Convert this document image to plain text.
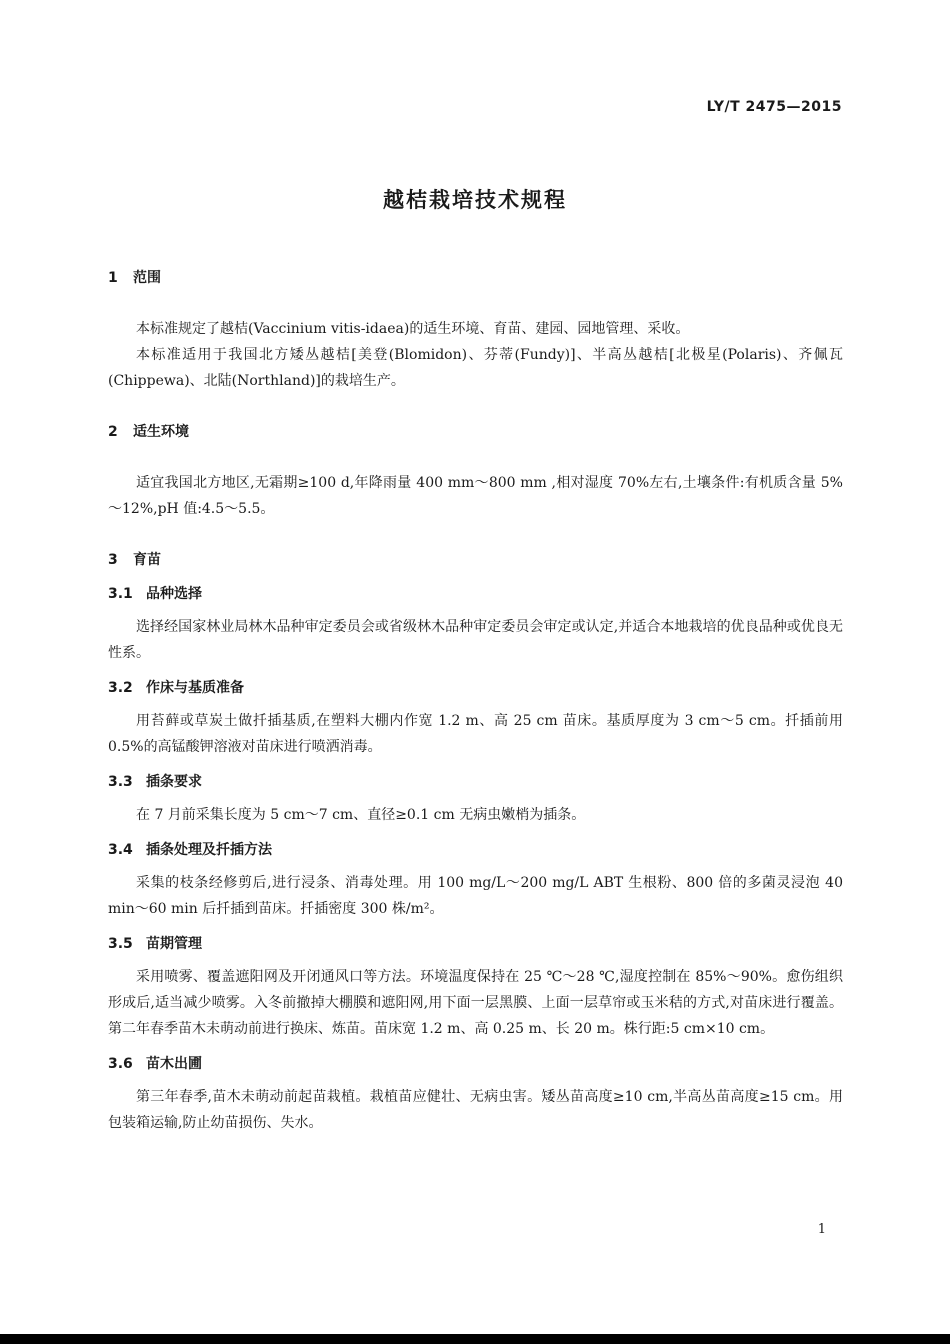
LY/T 2475—2015
越桔栽培技术规程
1 范围

本标准规定了越桔(Vaccinium vitis-idaea)的适生环境、育苗、建园、园地管理、采收。

本标准适用于我国北方矮丛越桔[美登(Blomidon)、芬蒂(Fundy)]、半高丛越桔[北极星(Polaris)、齐佩瓦(Chippewa)、北陆(Northland)]的栽培生产。

2 适生环境

适宜我国北方地区,无霜期≥100 d,年降雨量 400 mm～800 mm ,相对湿度 70%左右,土壤条件:有机质含量 5%～12%,pH 值:4.5～5.5。

3 育苗
3.1 品种选择

选择经国家林业局林木品种审定委员会或省级林木品种审定委员会审定或认定,并适合本地栽培的优良品种或优良无性系。

3.2 作床与基质准备

用苔藓或草炭土做扦插基质,在塑料大棚内作宽 1.2 m、高 25 cm 苗床。基质厚度为 3 cm～5 cm。扦插前用 0.5%的高锰酸钾溶液对苗床进行喷洒消毒。

3.3 插条要求

在 7 月前采集长度为 5 cm～7 cm、直径≥0.1 cm 无病虫嫩梢为插条。

3.4 插条处理及扦插方法

采集的枝条经修剪后,进行浸条、消毒处理。用 100 mg/L～200 mg/L ABT 生根粉、800 倍的多菌灵浸泡 40 min～60 min 后扦插到苗床。扦插密度 300 株/m²。

3.5 苗期管理

采用喷雾、覆盖遮阳网及开闭通风口等方法。环境温度保持在 25 ℃～28 ℃,湿度控制在 85%～90%。愈伤组织形成后,适当减少喷雾。入冬前撤掉大棚膜和遮阳网,用下面一层黑膜、上面一层草帘或玉米秸的方式,对苗床进行覆盖。第二年春季苗木未萌动前进行换床、炼苗。苗床宽 1.2 m、高 0.25 m、长 20 m。株行距:5 cm×10 cm。

3.6 苗木出圃

第三年春季,苗木未萌动前起苗栽植。栽植苗应健壮、无病虫害。矮丛苗高度≥10 cm,半高丛苗高度≥15 cm。用包装箱运输,防止幼苗损伤、失水。

1
